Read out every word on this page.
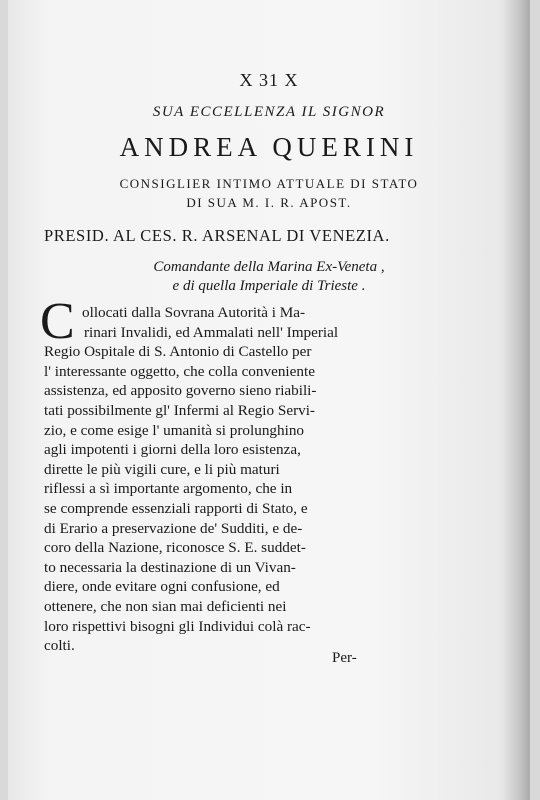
X 31 X
SUA ECCELLENZA IL SIGNOR
ANDREA QUERINI
CONSIGLIER INTIMO ATTUALE DI STATO
DI SUA M. I. R. APOST.
PRESID. AL CES. R. ARSENAL DI VENEZIA.
Comandante della Marina Ex-Veneta ,
e di quella Imperiale di Trieste .
C ollocati dalla Sovrana Autorità i Ma-
rinari Invalidi, ed Ammalati nell' Imperial
Regio Ospitale di S. Antonio di Castello per
l' interessante oggetto, che colla conveniente
assistenza, ed apposito governo sieno riabili-
tati possibilmente gl' Infermi al Regio Servi-
zio, e come esige l' umanità si prolunghino
agli impotenti i giorni della loro esistenza,
dirette le più vigili cure, e li più maturi
riflessi a sì importante argomento, che in
se comprende essenziali rapporti di Stato, e
di Erario a preservazione de' Sudditi, e de-
coro della Nazione, riconosce S. E. suddet-
to necessaria la destinazione di un Vivan-
diere, onde evitare ogni confusione, ed
ottenere, che non sian mai deficienti nei
loro rispettivi bisogni gli Individui colà rac-
colti.
Per-
